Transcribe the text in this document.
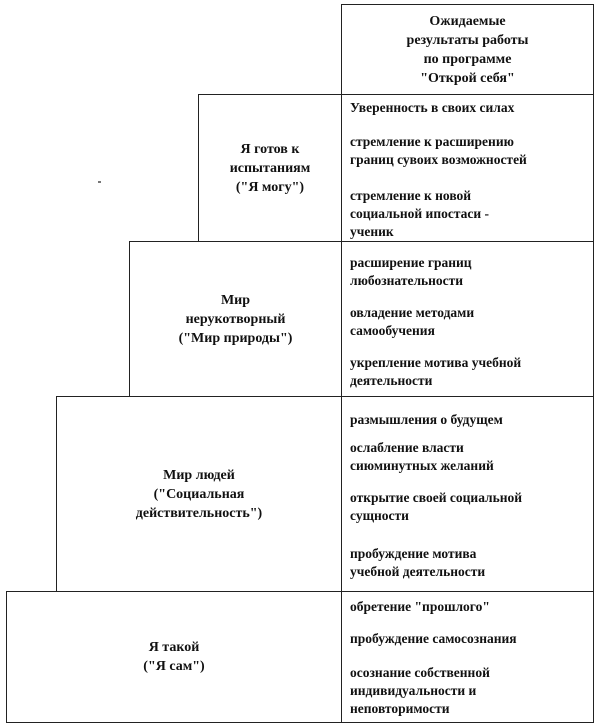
Ожидаемые
результаты работы
по программе
"Открой себя"
Я готов к
испытаниям
("Я могу")
Уверенность в своих силах
стремление к расширению
границ сувоих возможностей
стремление к новой
социальной ипостаси -
ученик
Мир
нерукотворный
("Мир природы")
расширение границ
любознательности
овладение методами
самообучения
укрепление мотива учебной
деятельности
Мир людей
("Социальная
действительность")
размышления о будущем
ослабление власти
сиюминутных желаний
открытие своей социальной
сущности
пробуждение мотива
учебной деятельности
Я такой
("Я сам")
обретение "прошлого"
пробуждение самосознания
осознание собственной
индивидуальности и
неповторимости
